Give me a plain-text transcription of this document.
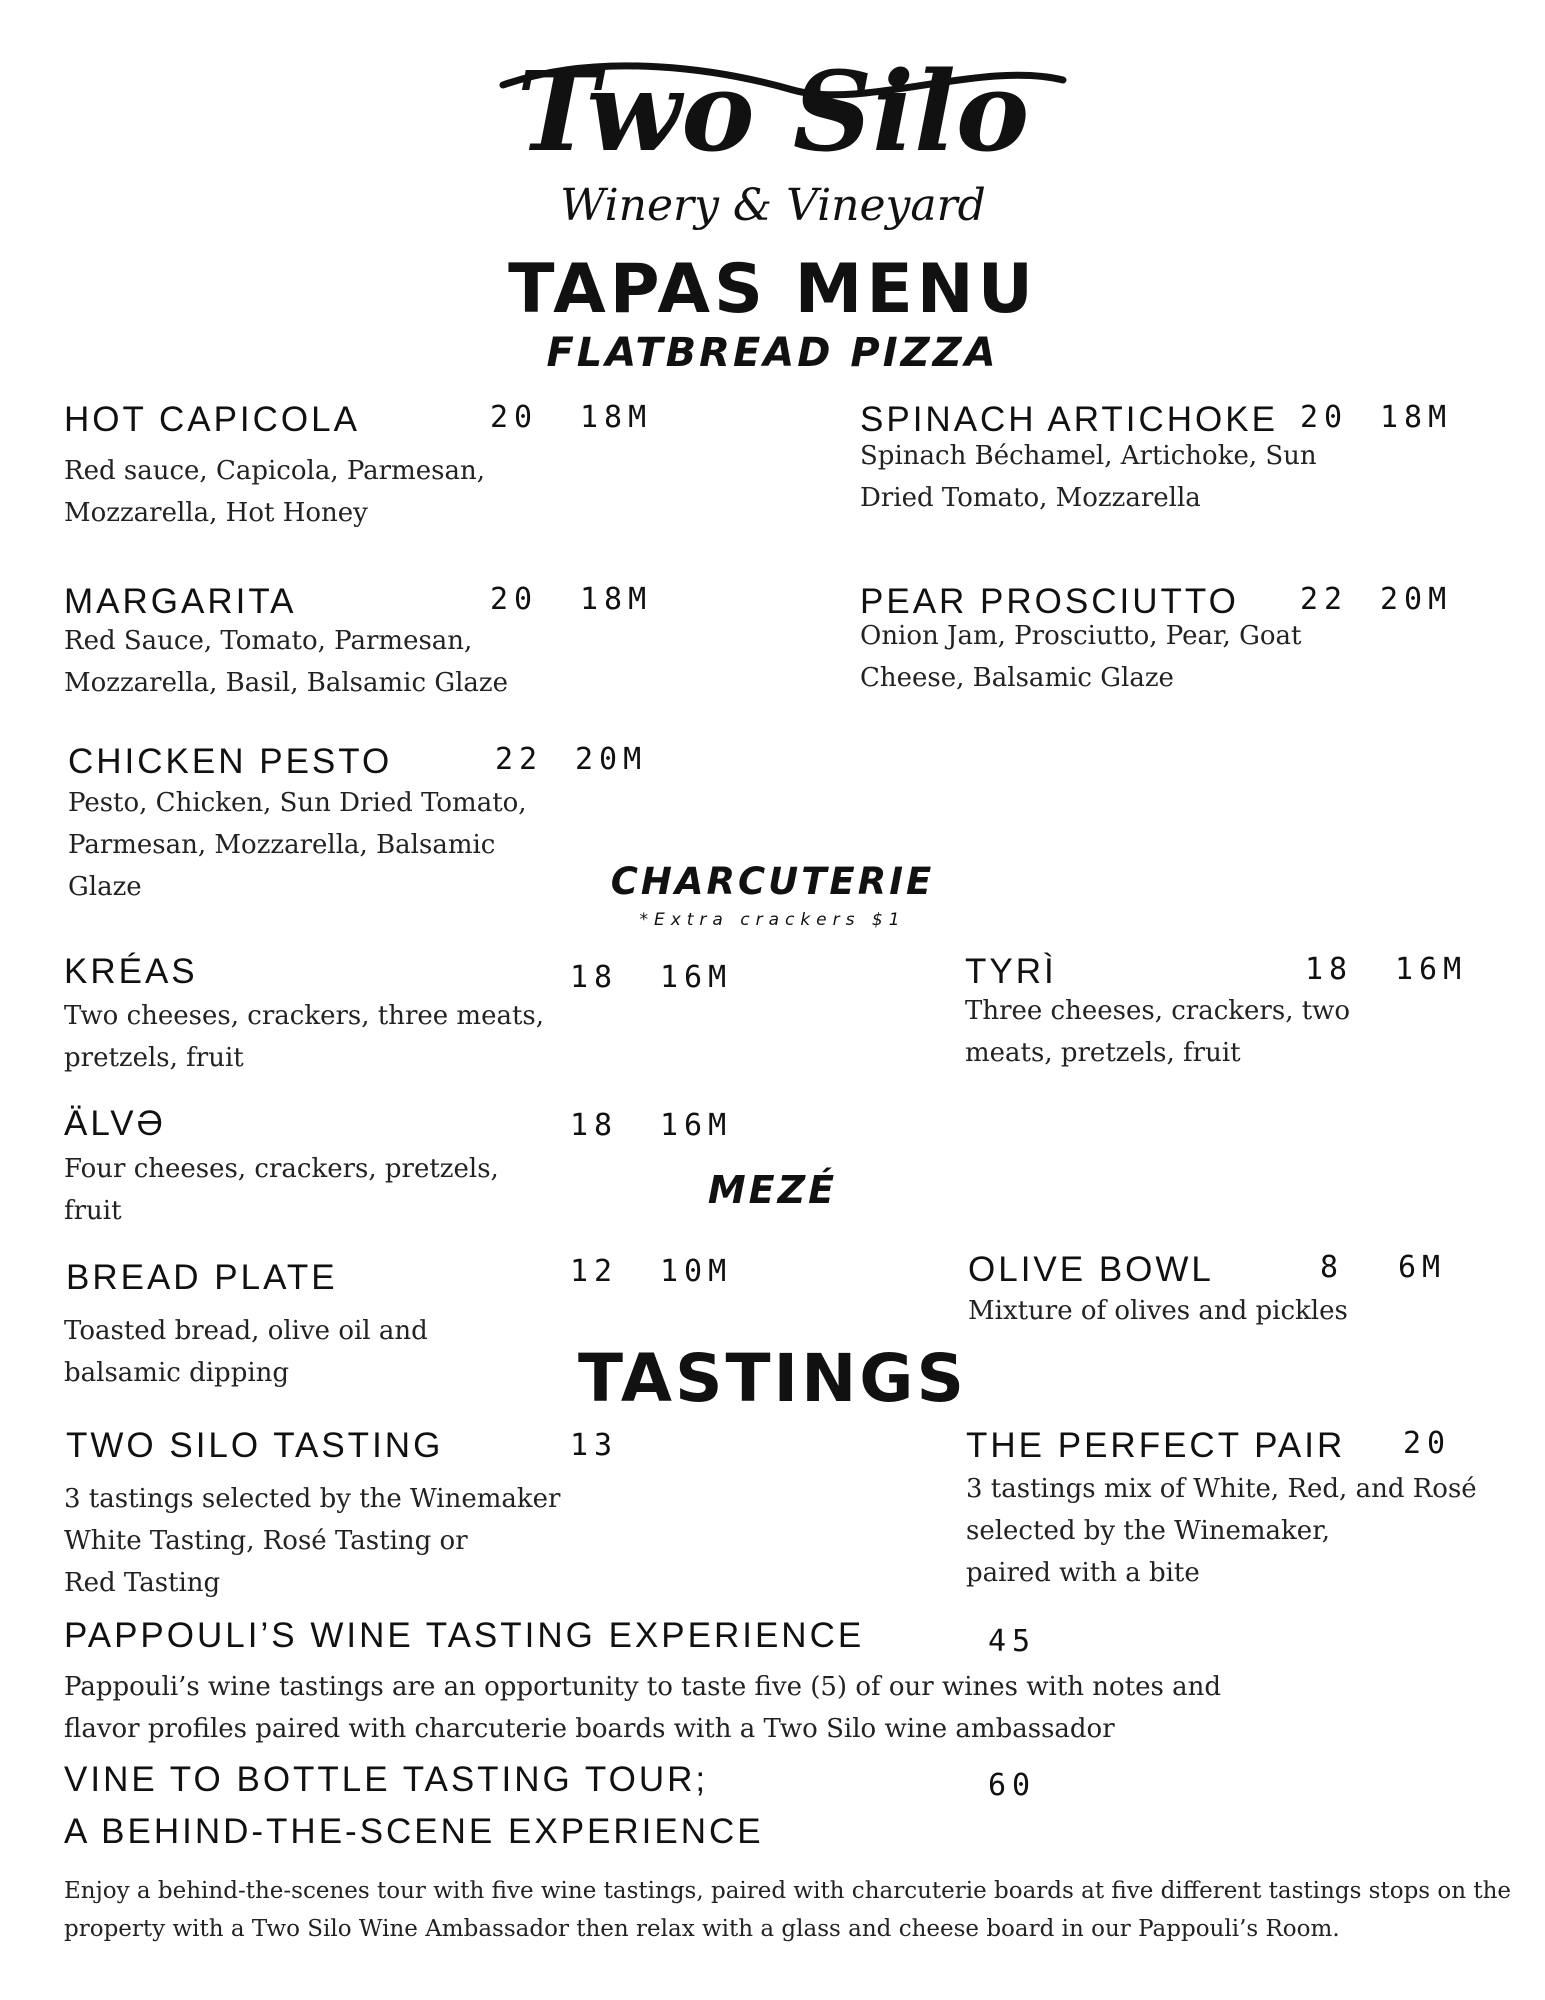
Two Silo
Winery & Vineyard
TAPAS MENU
FLATBREAD PIZZA
HOT CAPICOLA	20 18M
Red sauce, Capicola, Parmesan,
Mozzarella, Hot Honey
SPINACH ARTICHOKE 20 18M
Spinach Béchamel, Artichoke, Sun
Dried Tomato, Mozzarella
MARGARITA	20 18M
Red Sauce, Tomato, Parmesan,
Mozzarella, Basil, Balsamic Glaze
PEAR PROSCIUTTO 22 20M
Onion Jam, Prosciutto, Pear, Goat
Cheese, Balsamic Glaze
CHICKEN PESTO	22 20M
Pesto, Chicken, Sun Dried Tomato,
Parmesan, Mozzarella, Balsamic
Glaze	CHARCUTERIE
*Extra crackers $1
KRÉAS	18 16M
Two cheeses, crackers, three meats,
pretzels, fruit
TYRÌ	18 16M
Three cheeses, crackers, two
meats, pretzels, fruit
ÄLVƏ	18 16M
Four cheeses, crackers, pretzels,
fruit	MEZÉ
BREAD PLATE	12 10M
Toasted bread, olive oil and
balsamic dipping
OLIVE BOWL	8 6M
Mixture of olives and pickles
TASTINGS
TWO SILO TASTING	13
3 tastings selected by the Winemaker
White Tasting, Rosé Tasting or
Red Tasting
THE PERFECT PAIR 20
3 tastings mix of White, Red, and Rosé
selected by the Winemaker,
paired with a bite
PAPPOULI’S WINE TASTING EXPERIENCE	45
Pappouli’s wine tastings are an opportunity to taste five (5) of our wines with notes and
flavor profiles paired with charcuterie boards with a Two Silo wine ambassador
VINE TO BOTTLE TASTING TOUR;
A BEHIND-THE-SCENE EXPERIENCE
60
Enjoy a behind-the-scenes tour with five wine tastings, paired with charcuterie boards at five different tastings stops on the
property with a Two Silo Wine Ambassador then relax with a glass and cheese board in our Pappouli’s Room.
